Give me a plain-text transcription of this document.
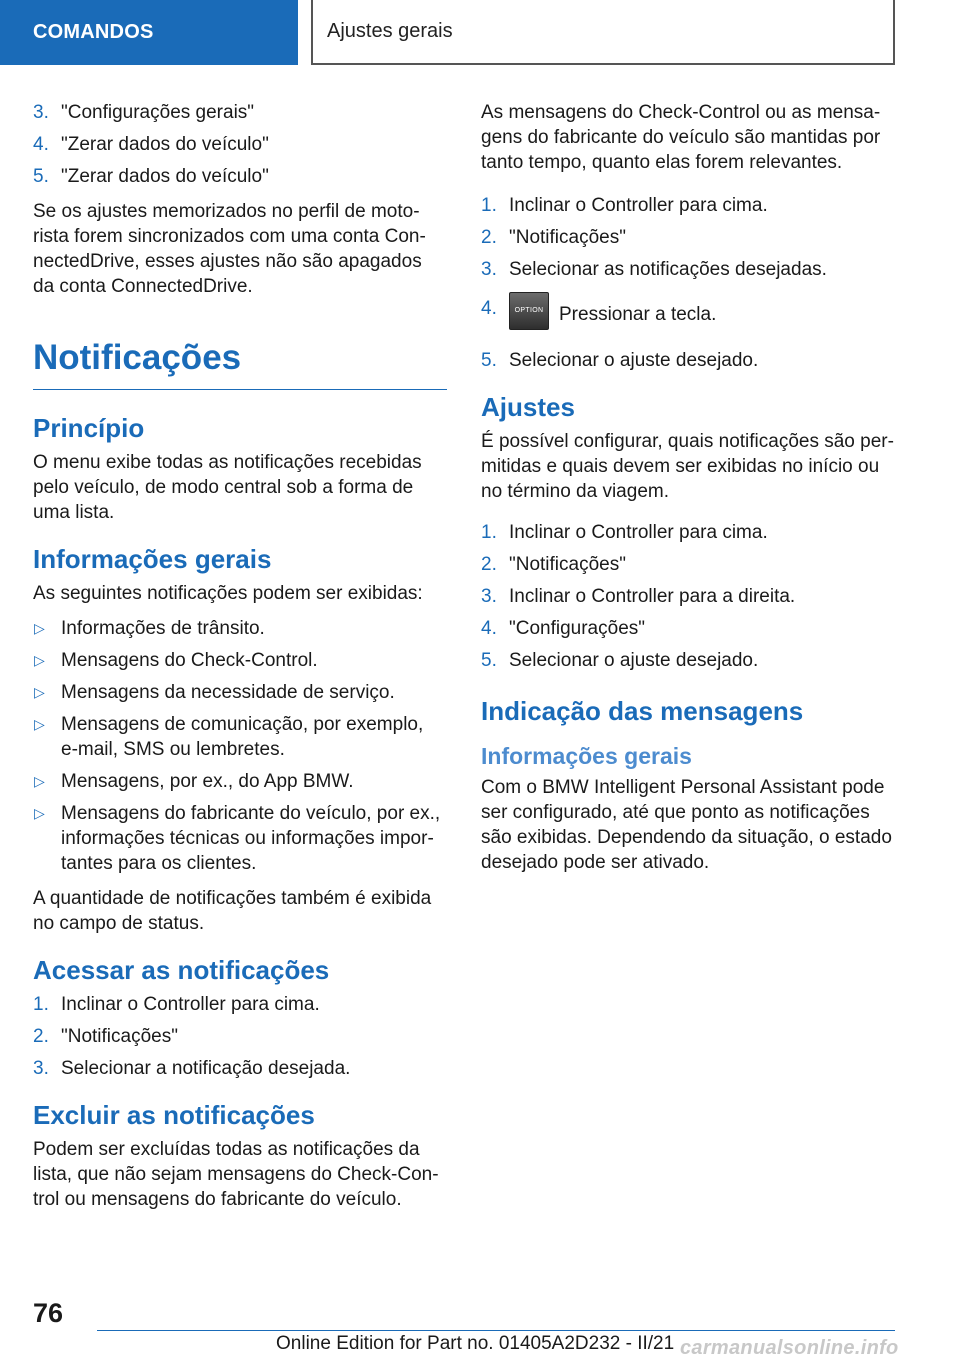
COMANDOS	Ajustes gerais
3. "Configurações gerais"
4. "Zerar dados do veículo"
5. "Zerar dados do veículo"

Se os ajustes memorizados no perfil de motorista forem sincronizados com uma conta ConnectedDrive, esses ajustes não são apagados da conta ConnectedDrive.

Notificações
Princípio

O menu exibe todas as notificações recebidas pelo veículo, de modo central sob a forma de uma lista.

Informações gerais

As seguintes notificações podem ser exibidas:

▷ Informações de trânsito.
▷ Mensagens do Check-Control.
▷ Mensagens da necessidade de serviço.
▷ Mensagens de comunicação, por exemplo, e-mail, SMS ou lembretes.
▷ Mensagens, por ex., do App BMW.
▷ Mensagens do fabricante do veículo, por ex., informações técnicas ou informações importantes para os clientes.

A quantidade de notificações também é exibida no campo de status.

Acessar as notificações
1. Inclinar o Controller para cima.
2. "Notificações"
3. Selecionar a notificação desejada.
Excluir as notificações

Podem ser excluídas todas as notificações da lista, que não sejam mensagens do Check-Control ou mensagens do fabricante do veículo.

As mensagens do Check-Control ou as mensagens do fabricante do veículo são mantidas por tanto tempo, quanto elas forem relevantes.

1. Inclinar o Controller para cima.
2. "Notificações"
3. Selecionar as notificações desejadas.
4.	OPTION Pressionar a tecla.
5. Selecionar o ajuste desejado.
Ajustes

É possível configurar, quais notificações são permitidas e quais devem ser exibidas no início ou no término da viagem.

1. Inclinar o Controller para cima.
2. "Notificações"
3. Inclinar o Controller para a direita.
4. "Configurações"
5. Selecionar o ajuste desejado.
Indicação das mensagens
Informações gerais

Com o BMW Intelligent Personal Assistant pode ser configurado, até que ponto as notificações são exibidas. Dependendo da situação, o estado desejado pode ser ativado.

76
Online Edition for Part no. 01405A2D232 - II/21 carmanualsonline.info
